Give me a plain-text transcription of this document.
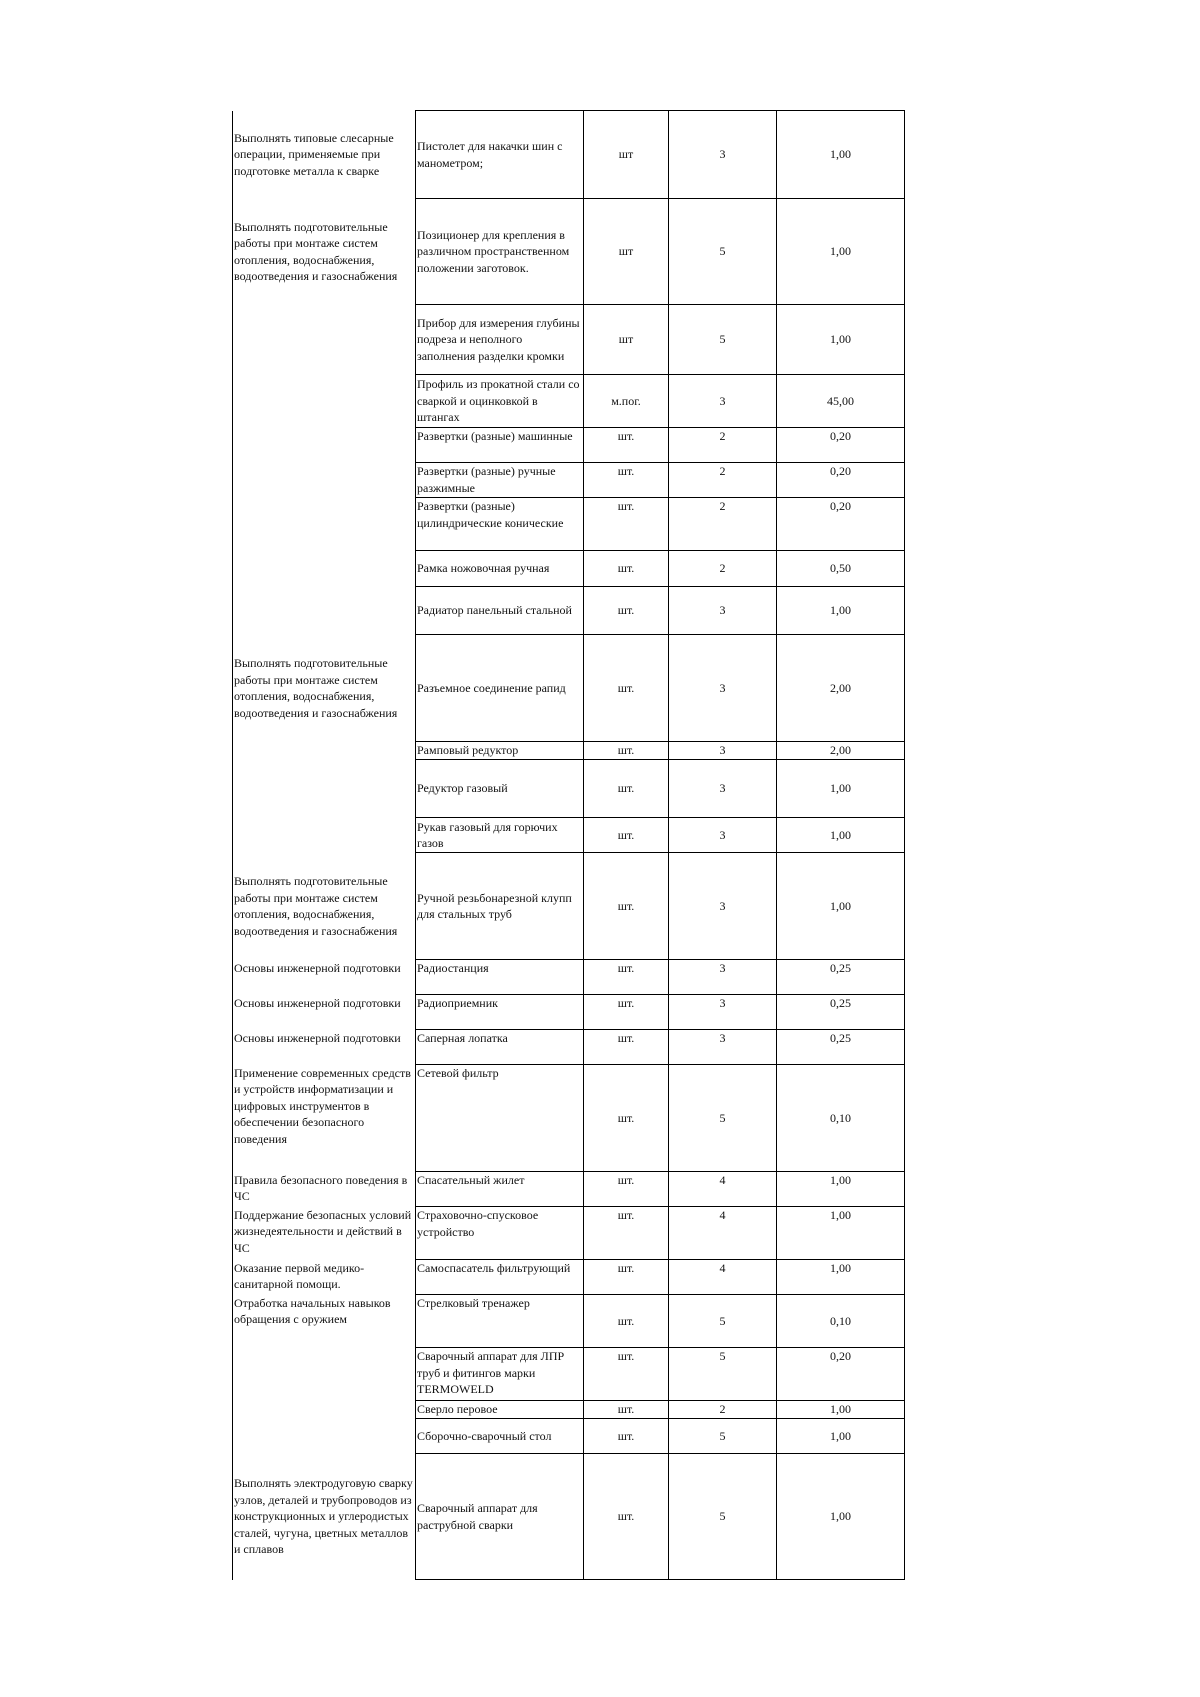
Выполнять типовые слесарные операции, применяемые при подготовке металла к сварке	Пистолет для накачки шин с манометром;	шт	3	1,00
Выполнять подготовительные работы при монтаже систем отопления, водоснабжения, водоотведения и газоснабжения	Позиционер для крепления в различном пространственном положении заготовок.	шт	5	1,00
	Прибор для измерения глубины подреза и неполного заполнения разделки кромки	шт	5	1,00
	Профиль из прокатной стали со сваркой и оцинковкой в штангах	м.пог.	3	45,00
	Развертки (разные) машинные	шт.	2	0,20
	Развертки (разные) ручные разжимные	шт.	2	0,20
	Развертки (разные) цилиндрические конические	шт.	2	0,20
	Рамка ножовочная ручная	шт.	2	0,50
	Радиатор панельный стальной	шт.	3	1,00
Выполнять подготовительные работы при монтаже систем отопления, водоснабжения, водоотведения и газоснабжения	Разъемное соединение рапид	шт.	3	2,00
	Рамповый редуктор	шт.	3	2,00
	Редуктор газовый	шт.	3	1,00
	Рукав газовый для горючих газов	шт.	3	1,00
Выполнять подготовительные работы при монтаже систем отопления, водоснабжения, водоотведения и газоснабжения	Ручной резьбонарезной клупп для стальных труб	шт.	3	1,00
Основы инженерной подготовки	Радиостанция	шт.	3	0,25
Основы инженерной подготовки	Радиоприемник	шт.	3	0,25
Основы инженерной подготовки	Саперная лопатка	шт.	3	0,25
Применение современных средств и устройств информатизации и цифровых инструментов в обеспечении безопасного поведения	Сетевой фильтр	шт.	5	0,10
Правила безопасного поведения в ЧС	Спасательный жилет	шт.	4	1,00
Поддержание безопасных условий жизнедеятельности и действий в ЧС	Страховочно-спусковое устройство	шт.	4	1,00
Оказание первой медико-санитарной помощи.	Самоспасатель фильтрующий	шт.	4	1,00
Отработка начальных навыков обращения с оружием	Стрелковый тренажер	шт.	5	0,10
	Сварочный аппарат для ЛПР труб и фитингов марки TERMOWELD	шт.	5	0,20
	Сверло перовое	шт.	2	1,00
	Сборочно-сварочный стол	шт.	5	1,00
Выполнять электродуговую сварку узлов, деталей и трубопроводов из конструкционных и углеродистых сталей, чугуна, цветных металлов и сплавов	Сварочный аппарат для раструбной сварки	шт.	5	1,00
